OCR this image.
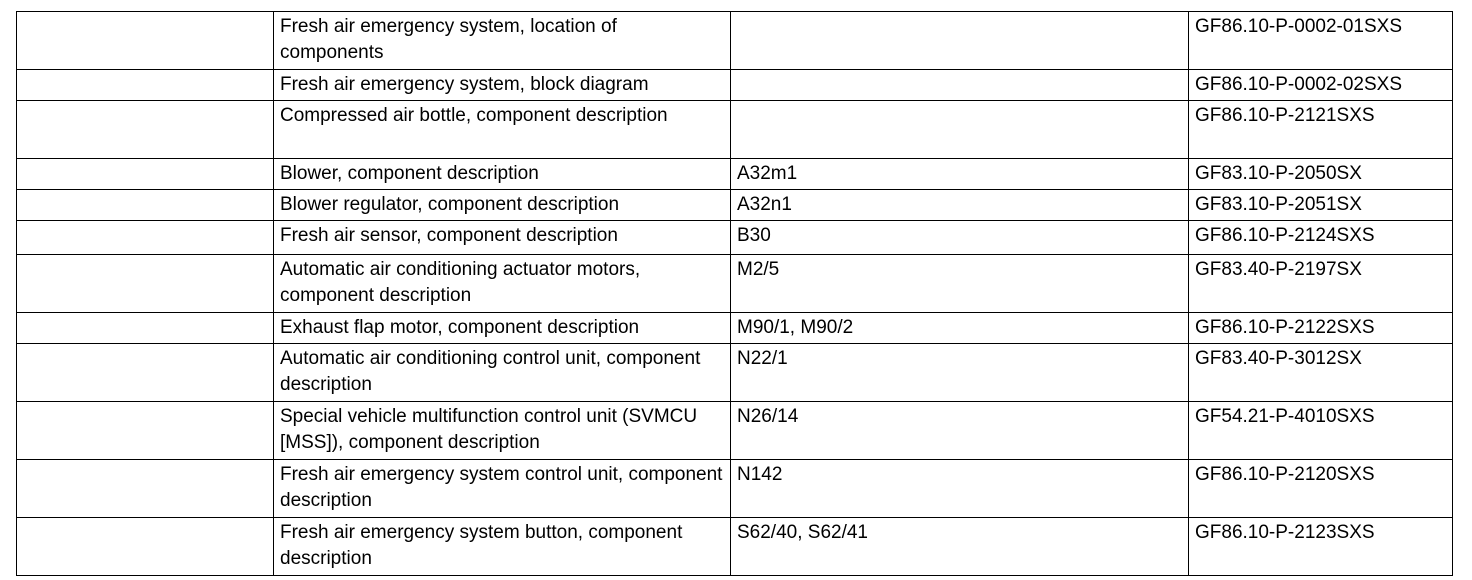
	Fresh air emergency system, location of components		GF86.10-P-0002-01SXS
	Fresh air emergency system, block diagram		GF86.10-P-0002-02SXS
	Compressed air bottle, component description		GF86.10-P-2121SXS
	Blower, component description	A32m1	GF83.10-P-2050SX
	Blower regulator, component description	A32n1	GF83.10-P-2051SX
	Fresh air sensor, component description	B30	GF86.10-P-2124SXS
	Automatic air conditioning actuator motors, component description	M2/5	GF83.40-P-2197SX
	Exhaust flap motor, component description	M90/1, M90/2	GF86.10-P-2122SXS
	Automatic air conditioning control unit, component description	N22/1	GF83.40-P-3012SX
	Special vehicle multifunction control unit (SVMCU [MSS]), component description	N26/14	GF54.21-P-4010SXS
	Fresh air emergency system control unit, component description	N142	GF86.10-P-2120SXS
	Fresh air emergency system button, component description	S62/40, S62/41	GF86.10-P-2123SXS
